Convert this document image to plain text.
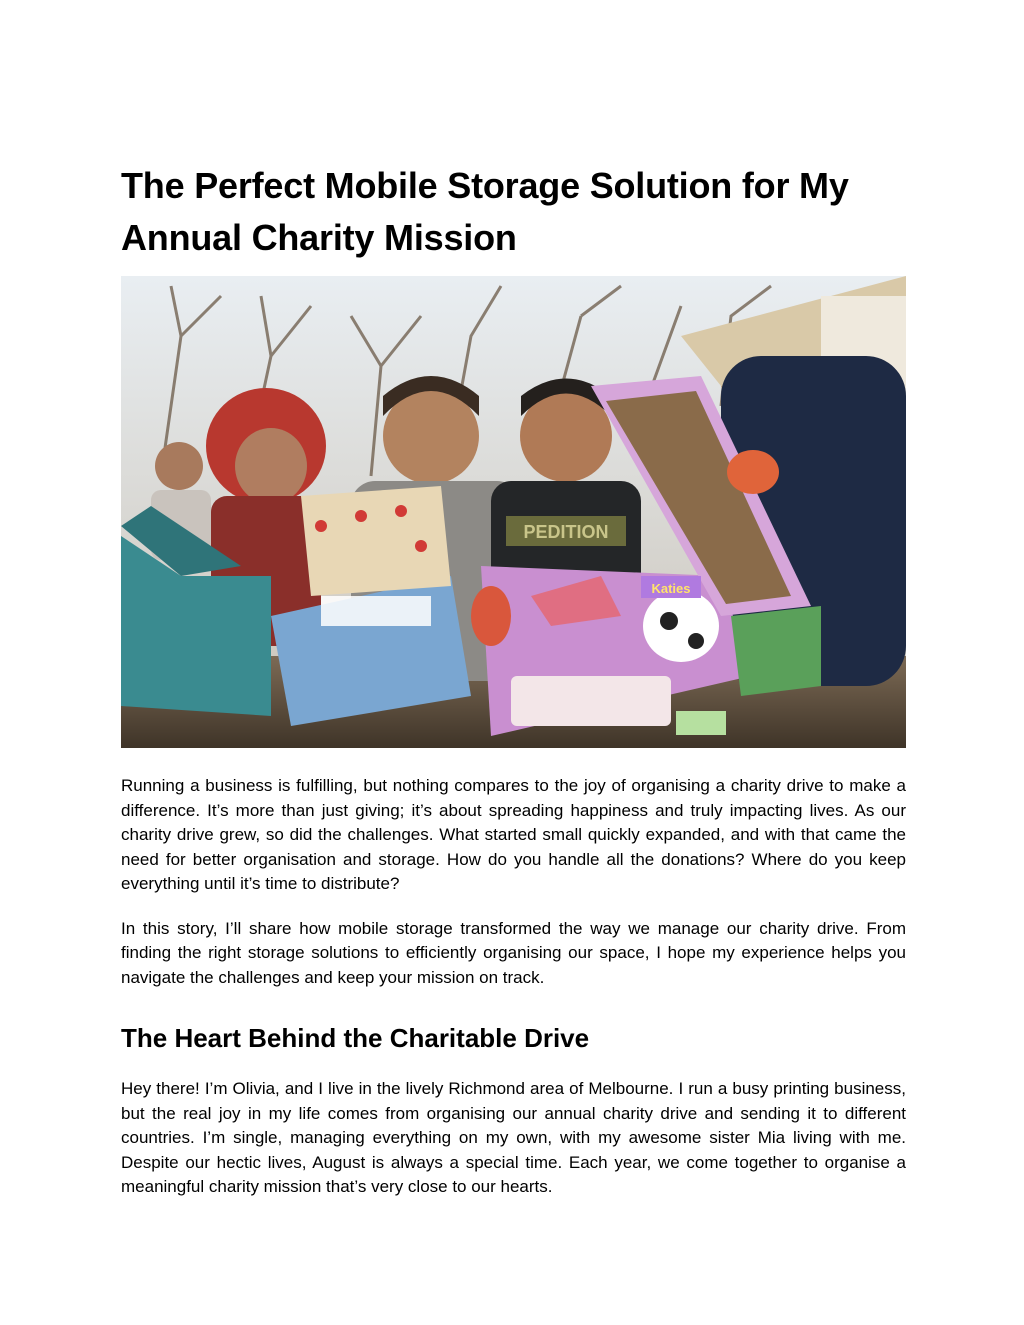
The Perfect Mobile Storage Solution for My Annual Charity Mission
PEDITION
Katies

Running a business is fulfilling, but nothing compares to the joy of organising a charity drive to make a difference. It’s more than just giving; it’s about spreading happiness and truly impacting lives. As our charity drive grew, so did the challenges. What started small quickly expanded, and with that came the need for better organisation and storage. How do you handle all the donations? Where do you keep everything until it’s time to distribute?

In this story, I’ll share how mobile storage transformed the way we manage our charity drive. From finding the right storage solutions to efficiently organising our space, I hope my experience helps you navigate the challenges and keep your mission on track.

The Heart Behind the Charitable Drive

Hey there! I’m Olivia, and I live in the lively Richmond area of Melbourne. I run a busy printing business, but the real joy in my life comes from organising our annual charity drive and sending it to different countries. I’m single, managing everything on my own, with my awesome sister Mia living with me. Despite our hectic lives, August is always a special time. Each year, we come together to organise a meaningful charity mission that’s very close to our hearts.
